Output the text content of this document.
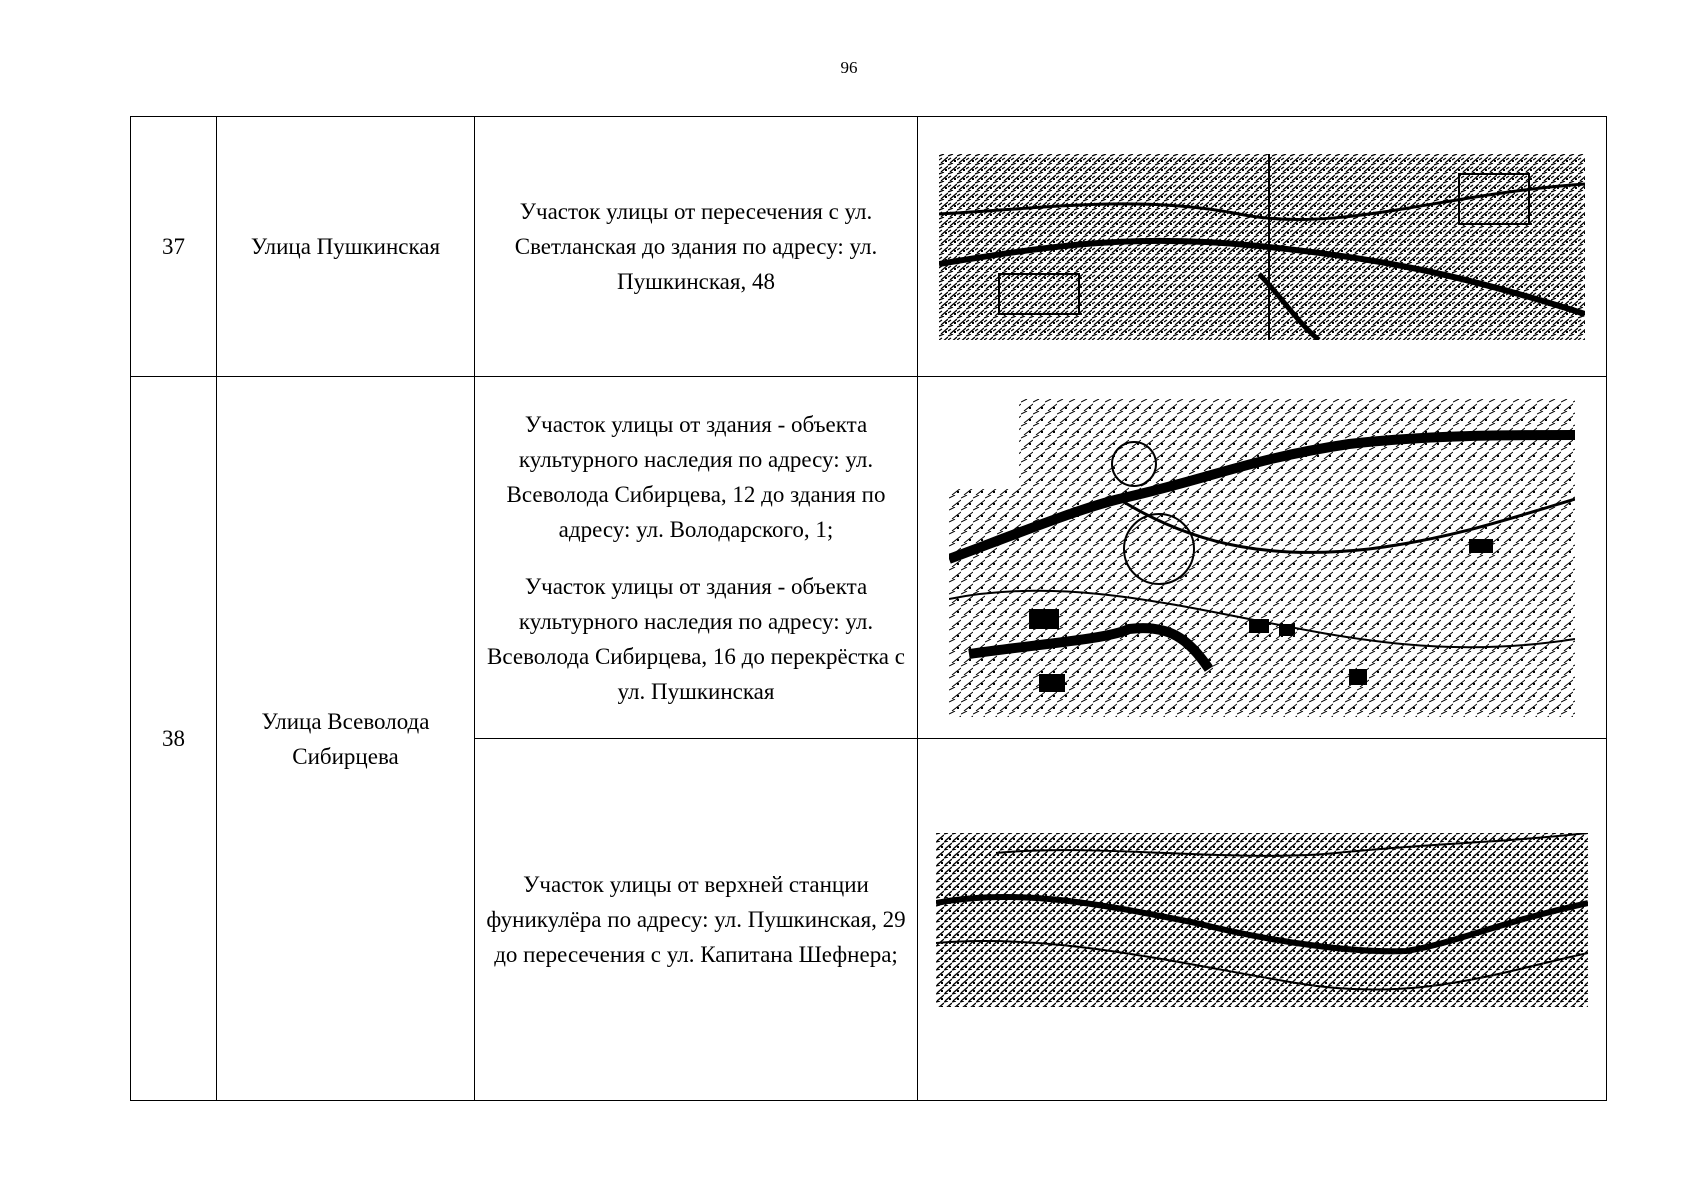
96
37	Улица Пушкинская	Участок улицы от пересечения с ул. Светланская до здания по адресу: ул. Пушкинская, 48

38	Улица Всеволода Сибирцева	Участок улицы от здания - объекта культурного наследия по адресу: ул. Всеволода Сибирцева, 12 до здания по адресу: ул. Володарского, 1;
Участок улицы от здания - объекта культурного наследия по адресу: ул. Всеволода Сибирцева, 16 до перекрёстка с ул. Пушкинская

		Участок улицы от верхней станции фуникулёра по адресу: ул. Пушкинская, 29 до пересечения с ул. Капитана Шефнера;
